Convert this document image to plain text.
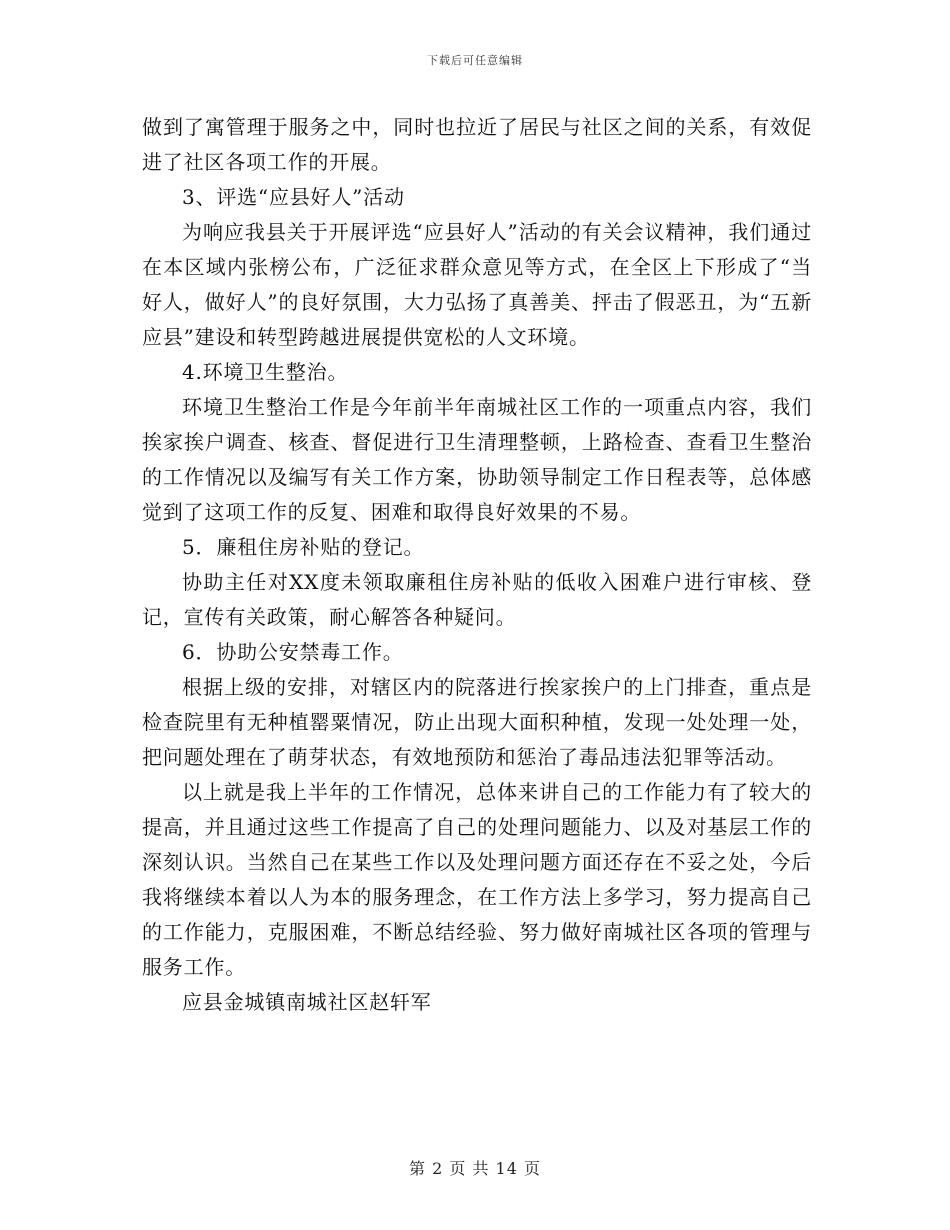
下载后可任意编辑

做到了寓管理于服务之中，同时也拉近了居民与社区之间的关系，有效促进了社区各项工作的开展。

3、评选“应县好人”活动

为响应我县关于开展评选“应县好人”活动的有关会议精神，我们通过在本区域内张榜公布，广泛征求群众意见等方式，在全区上下形成了“当好人，做好人”的良好氛围，大力弘扬了真善美、抨击了假恶丑，为“五新应县”建设和转型跨越进展提供宽松的人文环境。

4.环境卫生整治。

环境卫生整治工作是今年前半年南城社区工作的一项重点内容，我们挨家挨户调查、核查、督促进行卫生清理整顿，上路检查、查看卫生整治的工作情况以及编写有关工作方案，协助领导制定工作日程表等，总体感觉到了这项工作的反复、困难和取得良好效果的不易。

5．廉租住房补贴的登记。

协助主任对XX度未领取廉租住房补贴的低收入困难户进行审核、登记，宣传有关政策，耐心解答各种疑问。

6．协助公安禁毒工作。

根据上级的安排，对辖区内的院落进行挨家挨户的上门排查，重点是检查院里有无种植罂粟情况，防止出现大面积种植，发现一处处理一处，把问题处理在了萌芽状态，有效地预防和惩治了毒品违法犯罪等活动。

以上就是我上半年的工作情况，总体来讲自己的工作能力有了较大的提高，并且通过这些工作提高了自己的处理问题能力、以及对基层工作的深刻认识。当然自己在某些工作以及处理问题方面还存在不妥之处，今后我将继续本着以人为本的服务理念，在工作方法上多学习，努力提高自己的工作能力，克服困难，不断总结经验、努力做好南城社区各项的管理与服务工作。

应县金城镇南城社区赵轩军

第 2 页 共 14 页
